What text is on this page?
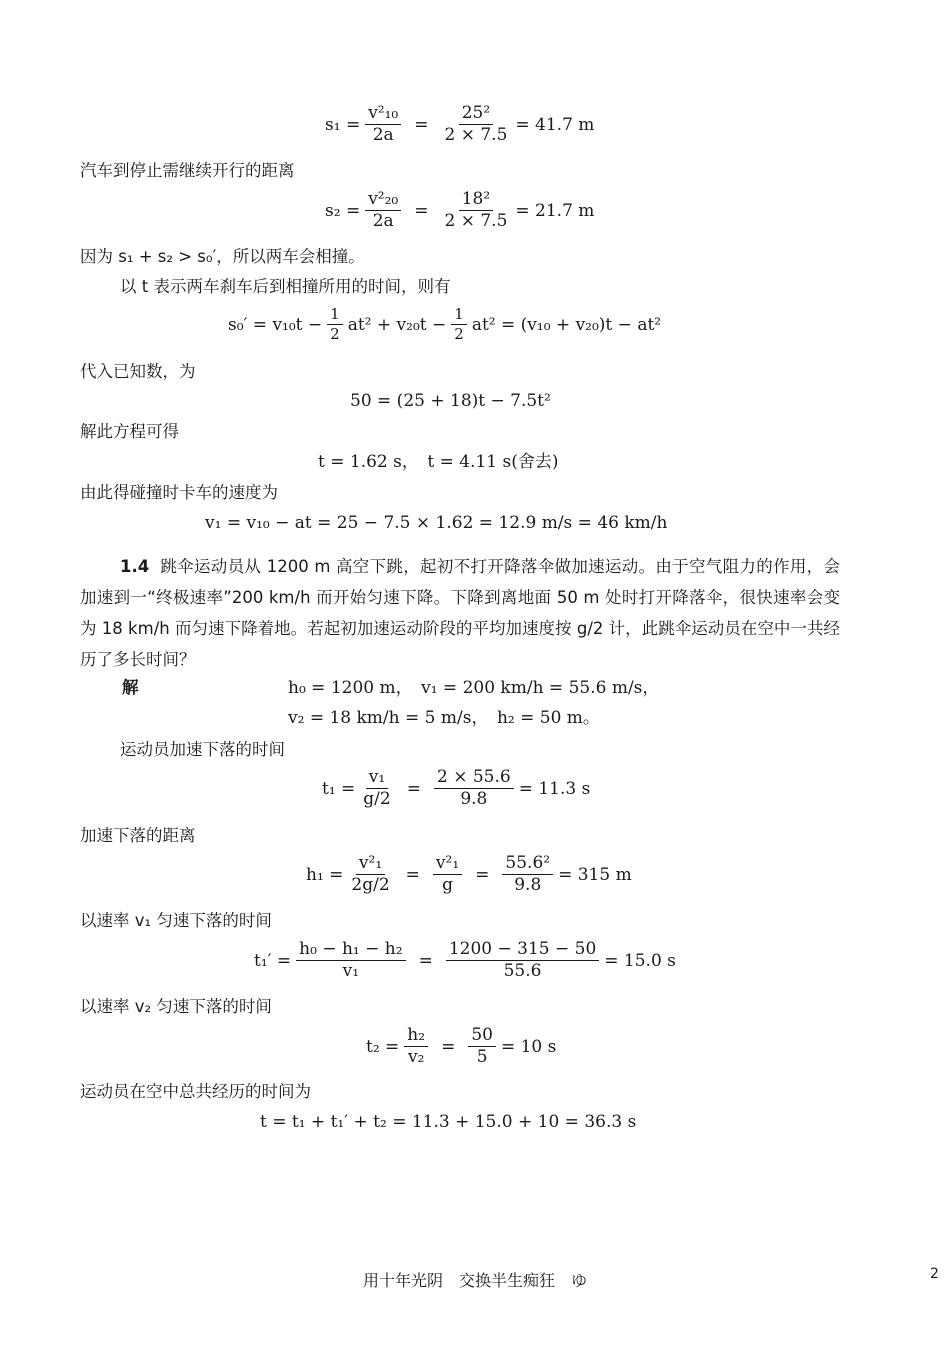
$s_1 = \frac{\text{v²₁₀}}{2a} = \frac{\text{25²}}{2 \times 7.5} = 41.7$ m
汽车到停止需继续开行的距离
$s_2 = \frac{\text{v²₂₀}}{2a} = \frac{\text{18²}}{2 \times 7.5} = 21.7$ m
因为 s₁ + s₂ > s₀′，所以两车会相撞。
以 t 表示两车刹车后到相撞所用的时间，则有
$s_0' = v_{10}t - \frac{1}{2} at^2 + v_{20}t - \frac{1}{2} at^2 = (v_{10} + v_{20})t - at^2$
代入已知数，为
50 = (25 + 18)t − 7.5t²
解此方程可得
t = 1.62 s，　t = 4.11 s(舍去)
由此得碰撞时卡车的速度为
v₁ = v₁₀ − at = 25 − 7.5 × 1.62 = 12.9 m/s = 46 km/h
1.4 跳伞运动员从 1200 m 高空下跳，起初不打开降落伞做加速运动。由于空气阻力的作用，会加速到一“终极速率”200 km/h 而开始匀速下降。下降到离地面 50 m 处时打开降落伞，很快速率会变为 18 km/h 而匀速下降着地。若起初加速运动阶段的平均加速度按 g/2 计，此跳伞运动员在空中一共经历了多长时间？
解	h₀ = 1200 m，　v₁ = 200 km/h = 55.6 m/s，
v₂ = 18 km/h = 5 m/s，　h₂ = 50 m。
运动员加速下落的时间
$t_1 = \frac{\text{v₁}}{g/2} = \frac{2 \times 55.6}{9.8} = 11.3$ s
加速下落的距离
$h_1 = \frac{\text{v²₁}}{2g/2} = \frac{\text{v²₁}}{g} = \frac{\text{55.6²}}{9.8} = 315$ m
以速率 v₁ 匀速下落的时间
$t_1' = \frac{\text{h₀ − h₁ − h₂}}{\text{v₁}} = \frac{1200 - 315 - 50}{55.6} = 15.0$ s
以速率 v₂ 匀速下落的时间
$t_2 = \frac{\text{h₂}}{\text{v₂}} = \frac{50}{5} = 10$ s
运动员在空中总共经历的时间为
t = t₁ + t₁′ + t₂ = 11.3 + 15.0 + 10 = 36.3 s
用十年光阴　交换半生痴狂　ゆ	2
